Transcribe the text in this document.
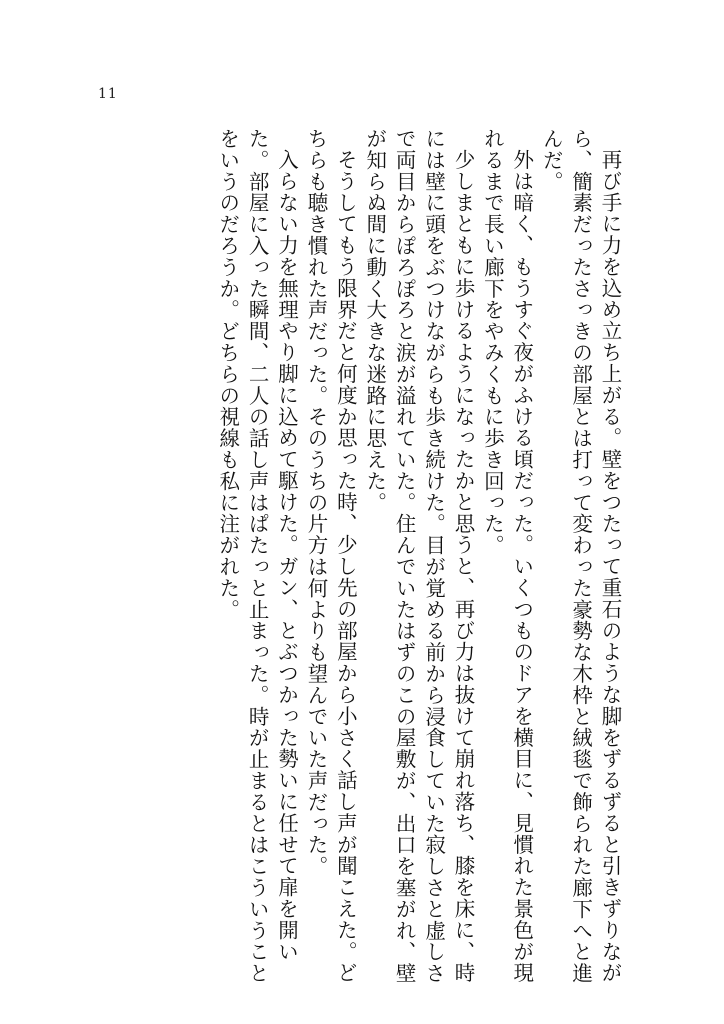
11

再び手に力を込め立ち上がる。壁をつたって重石のような脚をずるずると引きずりながら、簡素だったさっきの部屋とは打って変わった豪勢な木枠と絨毯で飾られた廊下へと進んだ。

外は暗く、もうすぐ夜がふける頃だった。いくつものドアを横目に、見慣れた景色が現れるまで長い廊下をやみくもに歩き回った。

少しまともに歩けるようになったかと思うと、再び力は抜けて崩れ落ち、膝を床に、時には壁に頭をぶつけながらも歩き続けた。目が覚める前から浸食していた寂しさと虚しさで両目からぽろぽろと涙が溢れていた。住んでいたはずのこの屋敷が、出口を塞がれ、壁が知らぬ間に動く大きな迷路に思えた。

そうしてもう限界だと何度か思った時、少し先の部屋から小さく話し声が聞こえた。どちらも聴き慣れた声だった。そのうちの片方は何よりも望んでいた声だった。

入らない力を無理やり脚に込めて駆けた。ガン、とぶつかった勢いに任せて扉を開いた。部屋に入った瞬間、二人の話し声はぱたっと止まった。時が止まるとはこういうことをいうのだろうか。どちらの視線も私に注がれた。
